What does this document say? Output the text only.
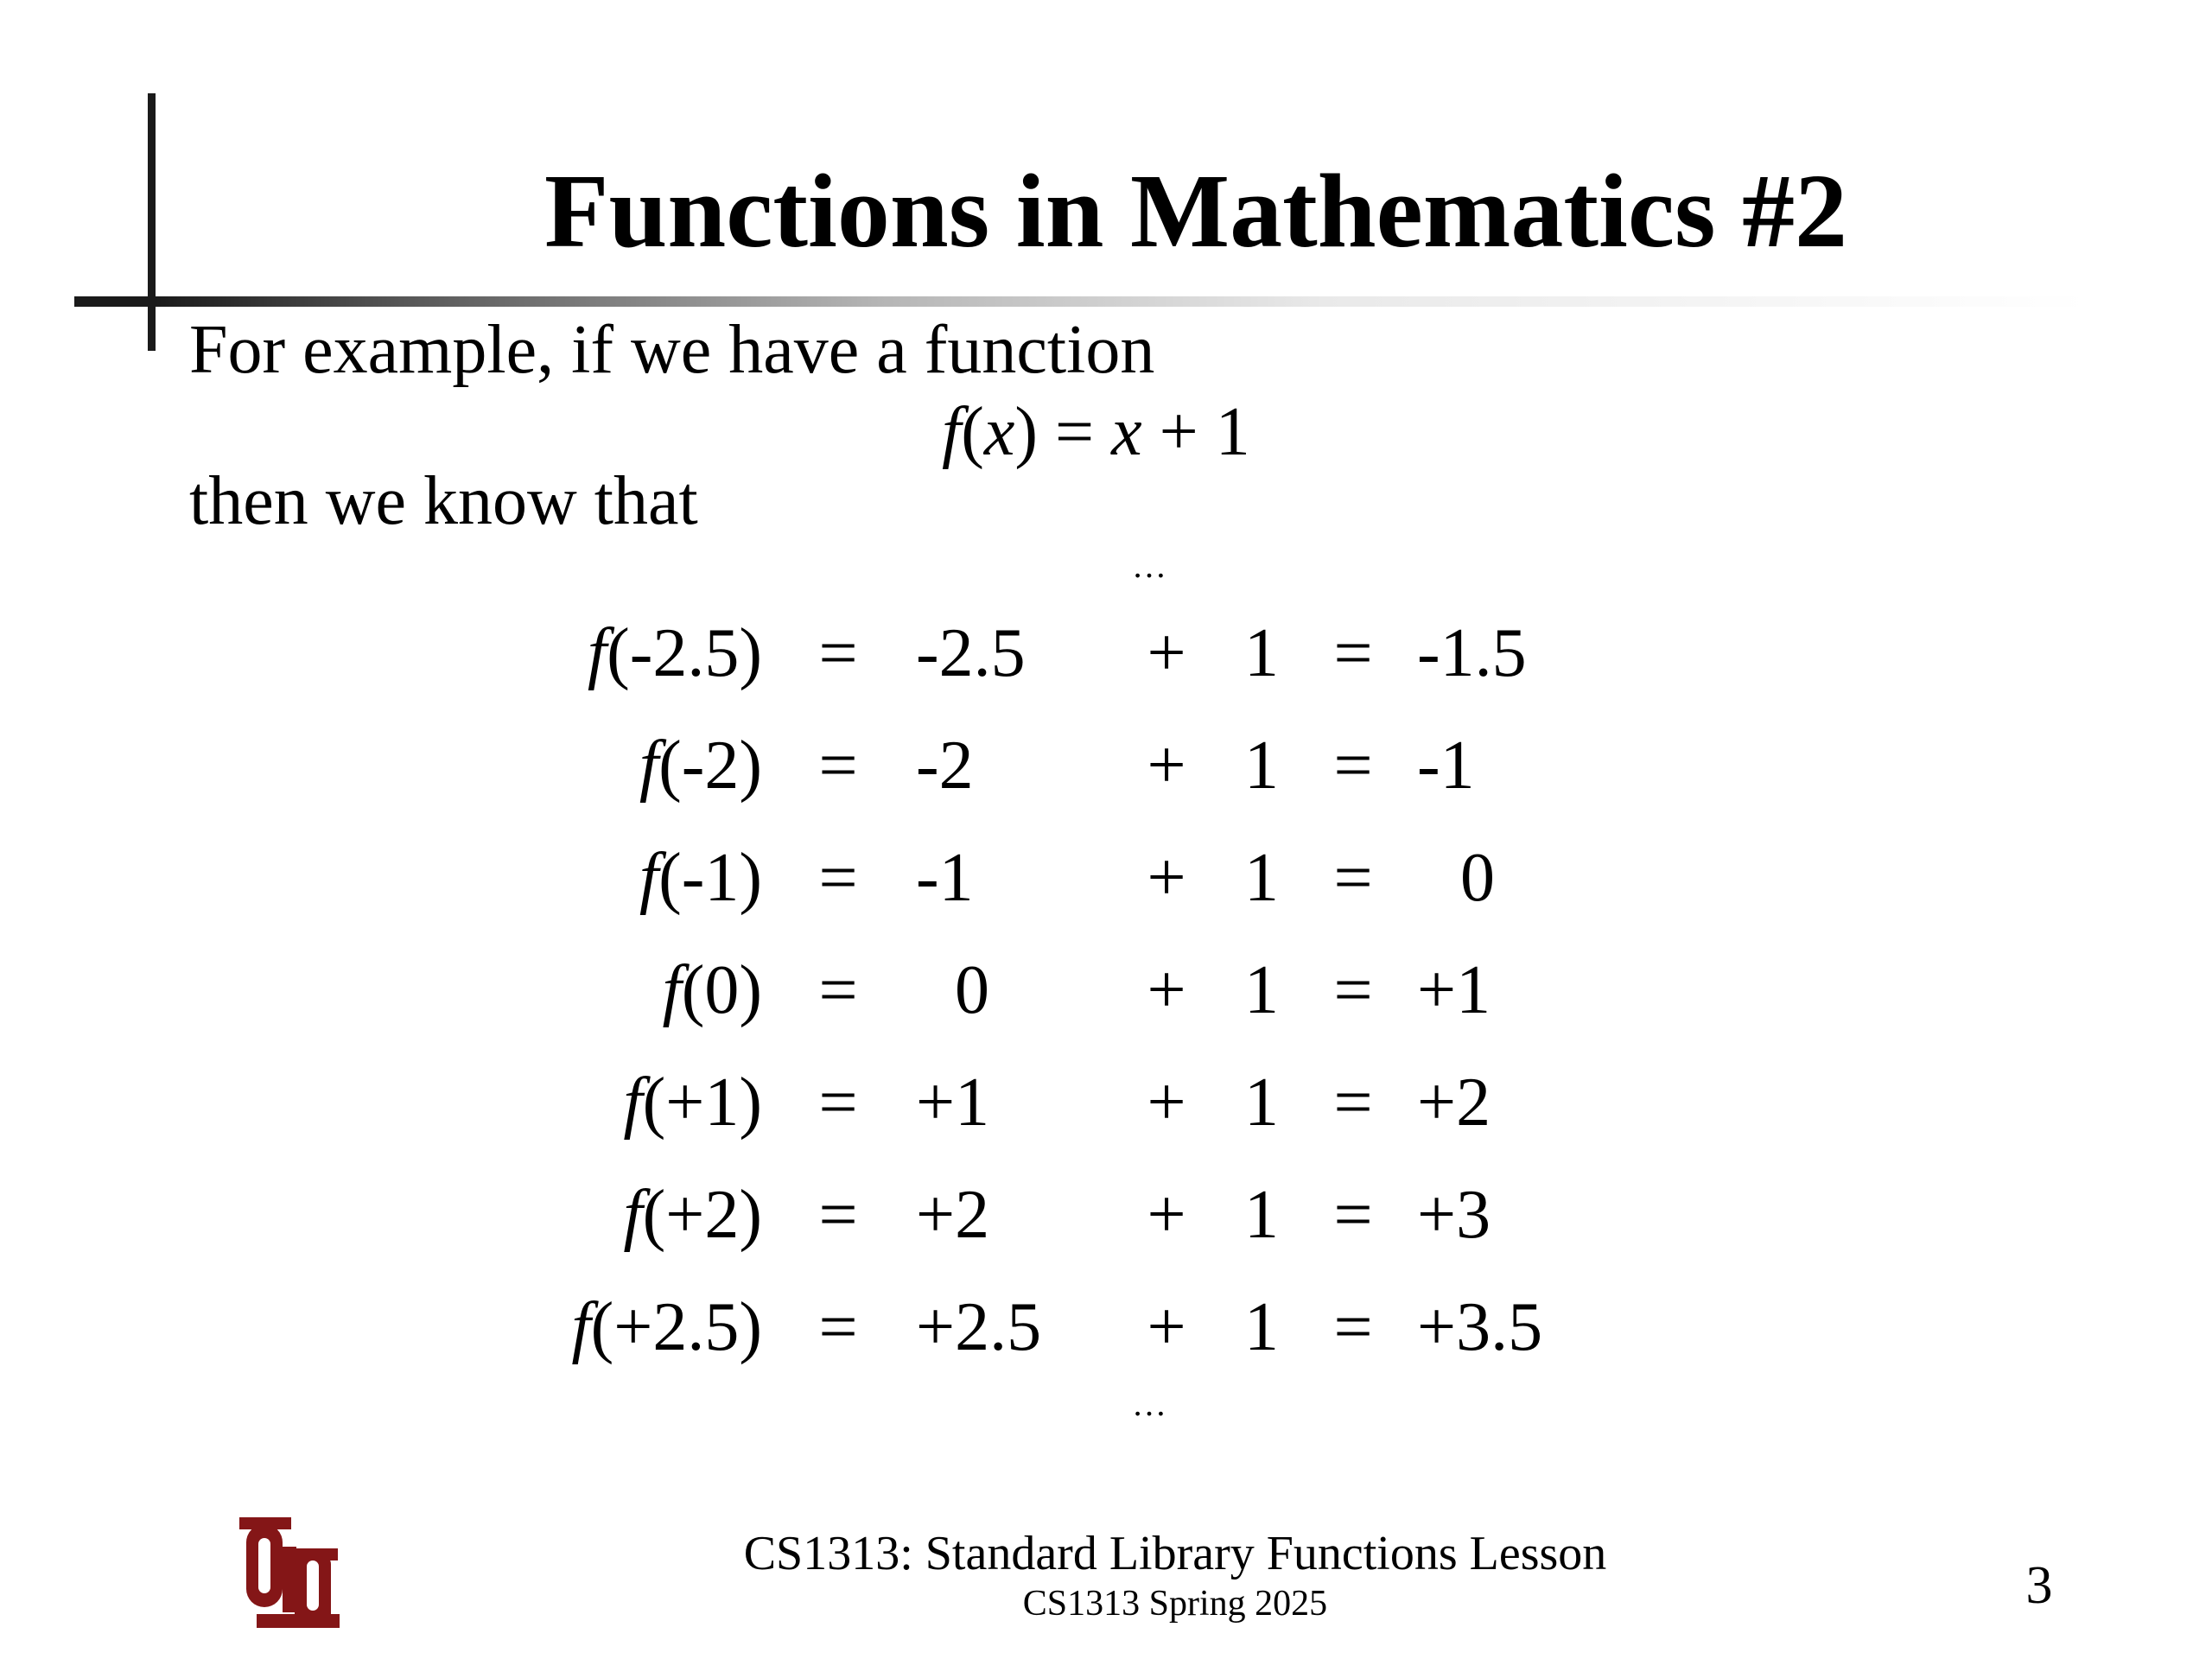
Functions in Mathematics #2
For example, if we have a function
f(x) = x + 1
then we know that
…
f(-2.5) = -2.5 + 1 = -1.5
f(-2) = -2	+ 1 = -1
f(-1) = -1	+ 1 =	0
f(0) =	0	+ 1 = +1
f(+1) = +1 + 1 = +2
f(+2) = +2 + 1 = +3
f(+2.5) = +2.5 + 1 = +3.5
…
CS1313: Standard Library Functions Lesson
CS1313 Spring 2025	3
